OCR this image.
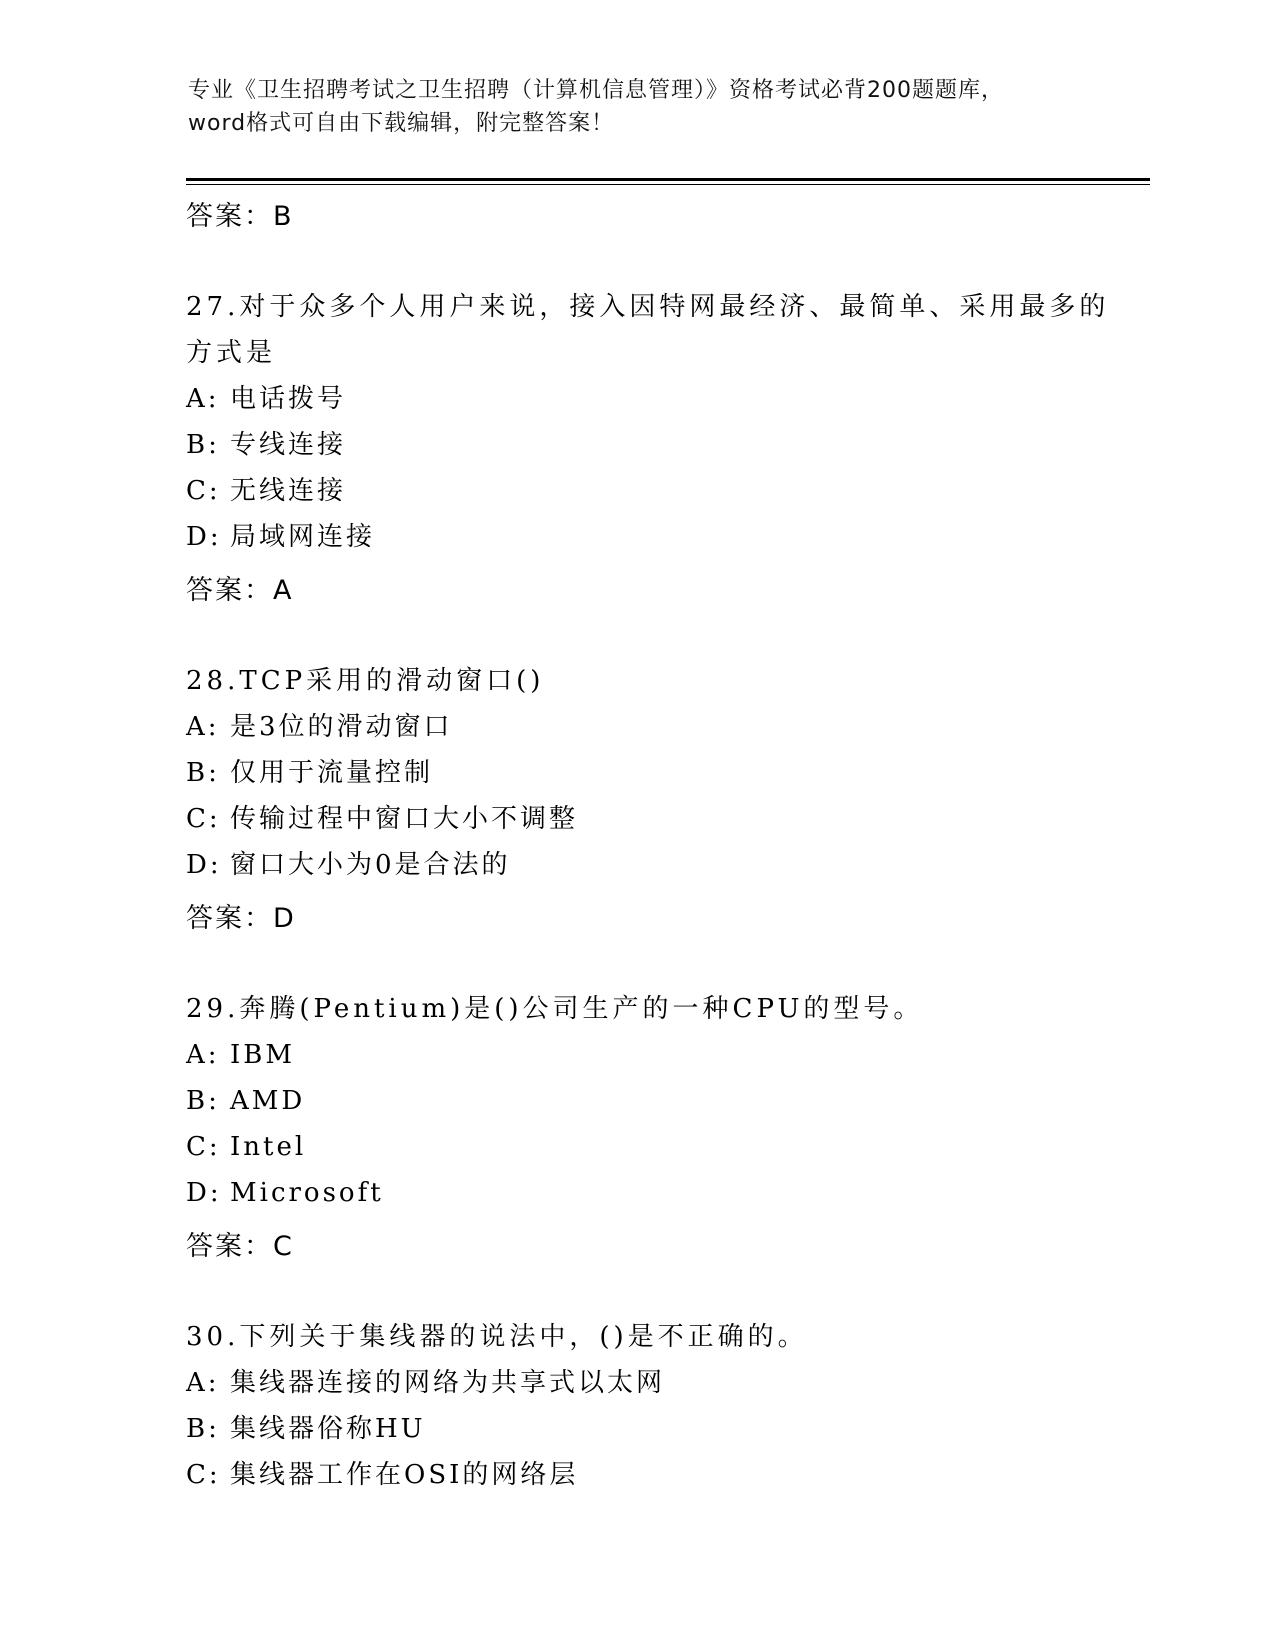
专业《卫生招聘考试之卫生招聘（计算机信息管理）》资格考试必背200题题库，
word格式可自由下载编辑，附完整答案！
答案：B
27.对于众多个人用户来说，接入因特网最经济、最简单、采用最多的方式是
A: 电话拨号
B: 专线连接
C: 无线连接
D: 局域网连接
答案：A
28.TCP采用的滑动窗口()
A: 是3位的滑动窗口
B: 仅用于流量控制
C: 传输过程中窗口大小不调整
D: 窗口大小为0是合法的
答案：D
29.奔腾(Pentium)是()公司生产的一种CPU的型号。
A: IBM
B: AMD
C: Intel
D: Microsoft
答案：C
30.下列关于集线器的说法中，()是不正确的。
A: 集线器连接的网络为共享式以太网
B: 集线器俗称HU
C: 集线器工作在OSI的网络层
